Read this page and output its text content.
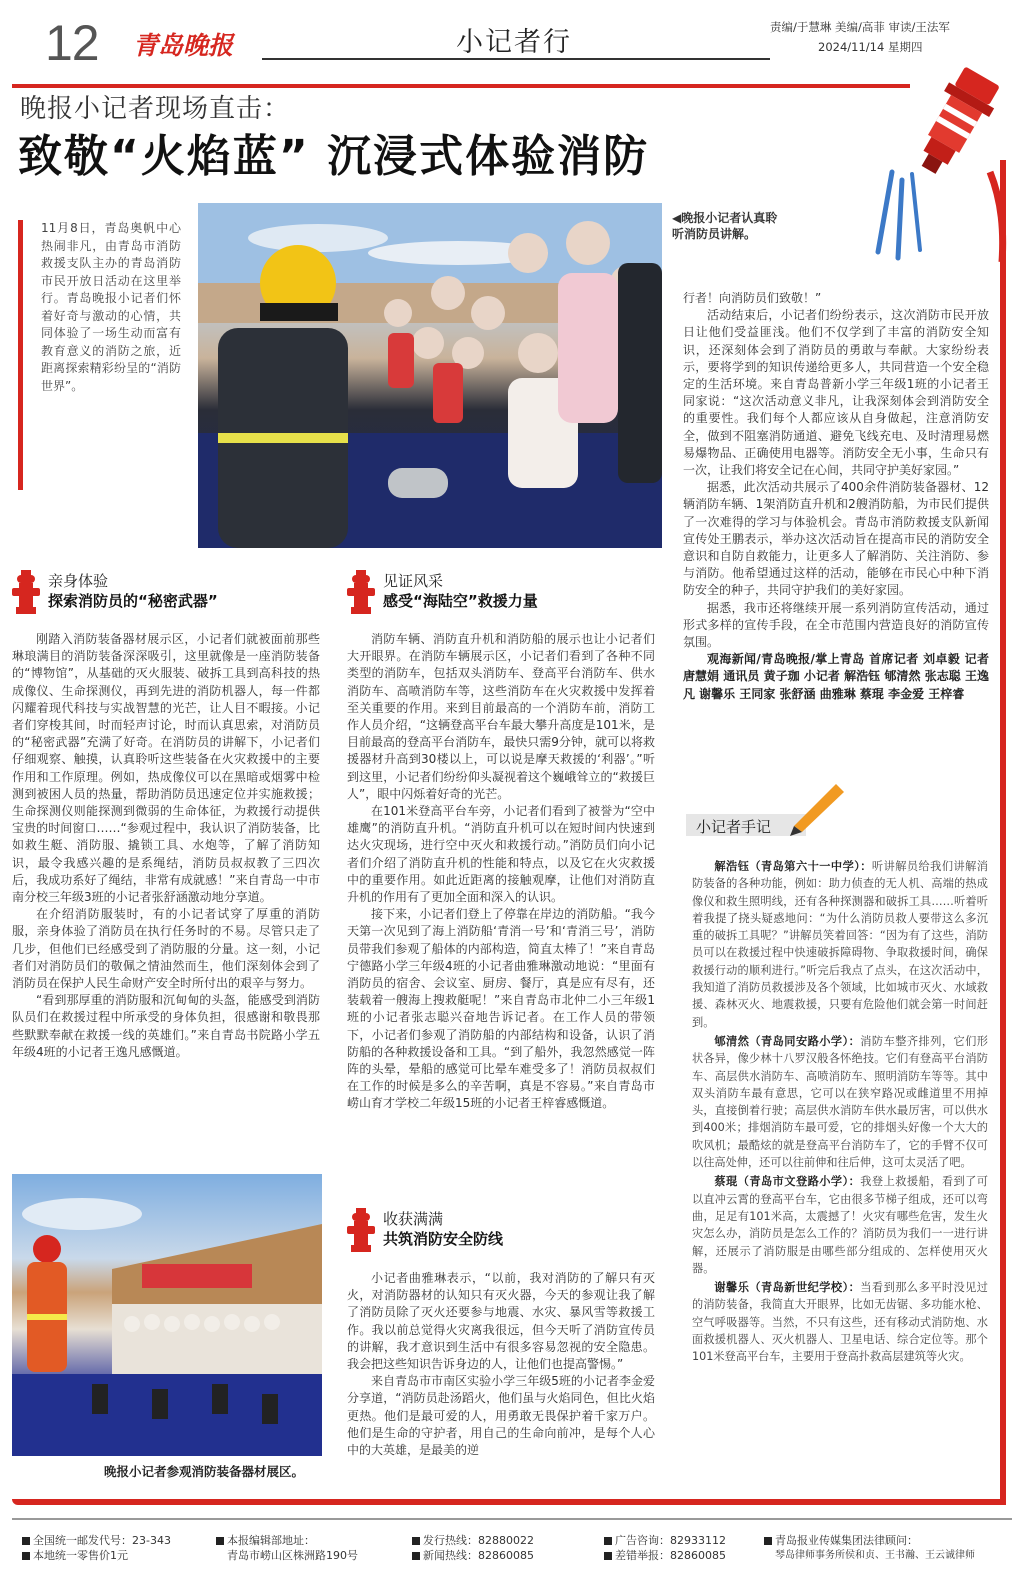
12 青岛晚报	小记者行	责编/于慧琳 美编/高菲 审读/王法军
2024/11/14 星期四
晚报小记者现场直击：
致敬“火焰蓝” 沉浸式体验消防
11月8日，青岛奥帆中心热闹非凡，由青岛市消防救援支队主办的青岛消防市民开放日活动在这里举行。青岛晚报小记者们怀着好奇与激动的心情，共同体验了一场生动而富有教育意义的消防之旅，近距离探索精彩纷呈的“消防世界”。
◀晚报小记者认真聆听消防员讲解。

行者！向消防员们致敬！”

活动结束后，小记者们纷纷表示，这次消防市民开放日让他们受益匪浅。他们不仅学到了丰富的消防安全知识，还深刻体会到了消防员的勇敢与奉献。大家纷纷表示，要将学到的知识传递给更多人，共同营造一个安全稳定的生活环境。来自青岛普新小学三年级1班的小记者王同家说：“这次活动意义非凡，让我深刻体会到消防安全的重要性。我们每个人都应该从自身做起，注意消防安全，做到不阻塞消防通道、避免飞线充电、及时清理易燃易爆物品、正确使用电器等。消防安全无小事，生命只有一次，让我们将安全记在心间，共同守护美好家园。”

据悉，此次活动共展示了400余件消防装备器材、12辆消防车辆、1架消防直升机和2艘消防船，为市民们提供了一次难得的学习与体验机会。青岛市消防救援支队新闻宣传处王鹏表示，举办这次活动旨在提高市民的消防安全意识和自防自救能力，让更多人了解消防、关注消防、参与消防。他希望通过这样的活动，能够在市民心中种下消防安全的种子，共同守护我们的美好家园。

据悉，我市还将继续开展一系列消防宣传活动，通过形式多样的宣传手段，在全市范围内营造良好的消防宣传氛围。

观海新闻/青岛晚报/掌上青岛 首席记者 刘卓毅 记者 唐慧娟 通讯员 黄子珈 小记者 解浩钰 郇清然 张志聪 王逸凡 谢馨乐 王同家 张舒涵 曲雅琳 蔡琨 李金爱 王梓睿

亲身体验
探索消防员的“秘密武器”

刚踏入消防装备器材展示区，小记者们就被面前那些琳琅满目的消防装备深深吸引，这里就像是一座消防装备的“博物馆”，从基础的灭火服装、破拆工具到高科技的热成像仪、生命探测仪，再到先进的消防机器人，每一件都闪耀着现代科技与实战智慧的光芒，让人目不暇接。小记者们穿梭其间，时而轻声讨论，时而认真思索，对消防员的“秘密武器”充满了好奇。在消防员的讲解下，小记者们仔细观察、触摸，认真聆听这些装备在火灾救援中的主要作用和工作原理。例如，热成像仪可以在黑暗或烟雾中检测到被困人员的热量，帮助消防员迅速定位并实施救援；生命探测仪则能探测到微弱的生命体征，为救援行动提供宝贵的时间窗口……“参观过程中，我认识了消防装备，比如救生艇、消防服、撬锁工具、水炮等，了解了消防知识，最令我感兴趣的是系绳结，消防员叔叔教了三四次后，我成功系好了绳结，非常有成就感！”来自青岛一中市南分校三年级3班的小记者张舒涵激动地分享道。

在介绍消防服装时，有的小记者试穿了厚重的消防服，亲身体验了消防员在执行任务时的不易。尽管只走了几步，但他们已经感受到了消防服的分量。这一刻，小记者们对消防员们的敬佩之情油然而生，他们深刻体会到了消防员在保护人民生命财产安全时所付出的艰辛与努力。

“看到那厚重的消防服和沉甸甸的头盔，能感受到消防队员们在救援过程中所承受的身体负担，很感谢和敬畏那些默默奉献在救援一线的英雄们。”来自青岛书院路小学五年级4班的小记者王逸凡感慨道。

晚报小记者参观消防装备器材展区。
见证风采
感受“海陆空”救援力量

消防车辆、消防直升机和消防船的展示也让小记者们大开眼界。在消防车辆展示区，小记者们看到了各种不同类型的消防车，包括双头消防车、登高平台消防车、供水消防车、高喷消防车等，这些消防车在火灾救援中发挥着至关重要的作用。来到目前最高的一个消防车前，消防工作人员介绍，“这辆登高平台车最大攀升高度是101米，是目前最高的登高平台消防车，最快只需9分钟，就可以将救援器材升高到30楼以上，可以说是摩天救援的‘利器’。”听到这里，小记者们纷纷仰头凝视着这个巍峨耸立的“救援巨人”，眼中闪烁着好奇的光芒。

在101米登高平台车旁，小记者们看到了被誉为“空中雄鹰”的消防直升机。“消防直升机可以在短时间内快速到达火灾现场，进行空中灭火和救援行动。”消防员们向小记者们介绍了消防直升机的性能和特点，以及它在火灾救援中的重要作用。如此近距离的接触观摩，让他们对消防直升机的作用有了更加全面和深入的认识。

接下来，小记者们登上了停靠在岸边的消防船。“我今天第一次见到了海上消防船‘青消一号’和‘青消三号’，消防员带我们参观了船体的内部构造，简直太棒了！”来自青岛宁德路小学三年级4班的小记者曲雅琳激动地说：“里面有消防员的宿舍、会议室、厨房、餐厅，真是应有尽有，还装载着一艘海上搜救艇呢！”来自青岛市北仲二小三年级1班的小记者张志聪兴奋地告诉记者。在工作人员的带领下，小记者们参观了消防船的内部结构和设备，认识了消防船的各种救援设备和工具。“到了船外，我忽然感觉一阵阵的头晕，晕船的感觉可比晕车难受多了！消防员叔叔们在工作的时候是多么的辛苦啊，真是不容易。”来自青岛市崂山育才学校二年级15班的小记者王梓睿感慨道。

收获满满
共筑消防安全防线

小记者曲雅琳表示，“以前，我对消防的了解只有灭火，对消防器材的认知只有灭火器，今天的参观让我了解了消防员除了灭火还要参与地震、水灾、暴风雪等救援工作。我以前总觉得火灾离我很远，但今天听了消防宣传员的讲解，我才意识到生活中有很多容易忽视的安全隐患。我会把这些知识告诉身边的人，让他们也提高警惕。”

来自青岛市市南区实验小学三年级5班的小记者李金爱分享道，“消防员赴汤蹈火，他们虽与火焰同色，但比火焰更热。他们是最可爱的人，用勇敢无畏保护着千家万户。他们是生命的守护者，用自己的生命向前冲，是每个人心中的大英雄，是最美的逆

小记者手记

解浩钰（青岛第六十一中学）：听讲解员给我们讲解消防装备的各种功能，例如：助力侦查的无人机、高端的热成像仪和救生照明线，还有各种探测器和破拆工具……听着听着我提了挠头疑惑地问：“为什么消防员救人要带这么多沉重的破拆工具呢？”讲解员笑着回答：“因为有了这些，消防员可以在救援过程中快速破拆障碍物、争取救援时间，确保救援行动的顺利进行。”听完后我点了点头，在这次活动中，我知道了消防员救援涉及各个领域，比如城市灭火、水域救援、森林灭火、地震救援，只要有危险他们就会第一时间赶到。

郇清然（青岛同安路小学）：消防车整齐排列，它们形状各异，像少林十八罗汉般各怀绝技。它们有登高平台消防车、高层供水消防车、高喷消防车、照明消防车等等。其中双头消防车最有意思，它可以在狭窄路况或雌道里不用掉头，直接倒着行驶；高层供水消防车供水最厉害，可以供水到400米；排烟消防车最可爱，它的排烟头好像一个大大的吹风机；最酷炫的就是登高平台消防车了，它的手臂不仅可以往高处伸，还可以往前伸和往后伸，这可太灵活了吧。

蔡琨（青岛市文登路小学）：我登上救援船，看到了可以直冲云霄的登高平台车，它由很多节梯子组成，还可以弯曲，足足有101米高，太震撼了！火灾有哪些危害，发生火灾怎么办，消防员是怎么工作的？消防员为我们一一进行讲解，还展示了消防服是由哪些部分组成的、怎样使用灭火器。

谢馨乐（青岛新世纪学校）：当看到那么多平时没见过的消防装备，我简直大开眼界，比如无齿锯、多功能水枪、空气呼吸器等。当然，不只有这些，还有移动式消防炮、水面救援机器人、灭火机器人、卫星电话、综合定位等。那个101米登高平台车，主要用于登高扑救高层建筑等火灾。

全国统一邮发代号：23-343
本地统一零售价1元
本报编辑部地址：
青岛市崂山区株洲路190号
发行热线：82880022
新闻热线：82860085
广告咨询：82933112
差错举报：82860085
青岛报业传媒集团法律顾问：
琴岛律师事务所侯和贞、王书瀚、王云诚律师
